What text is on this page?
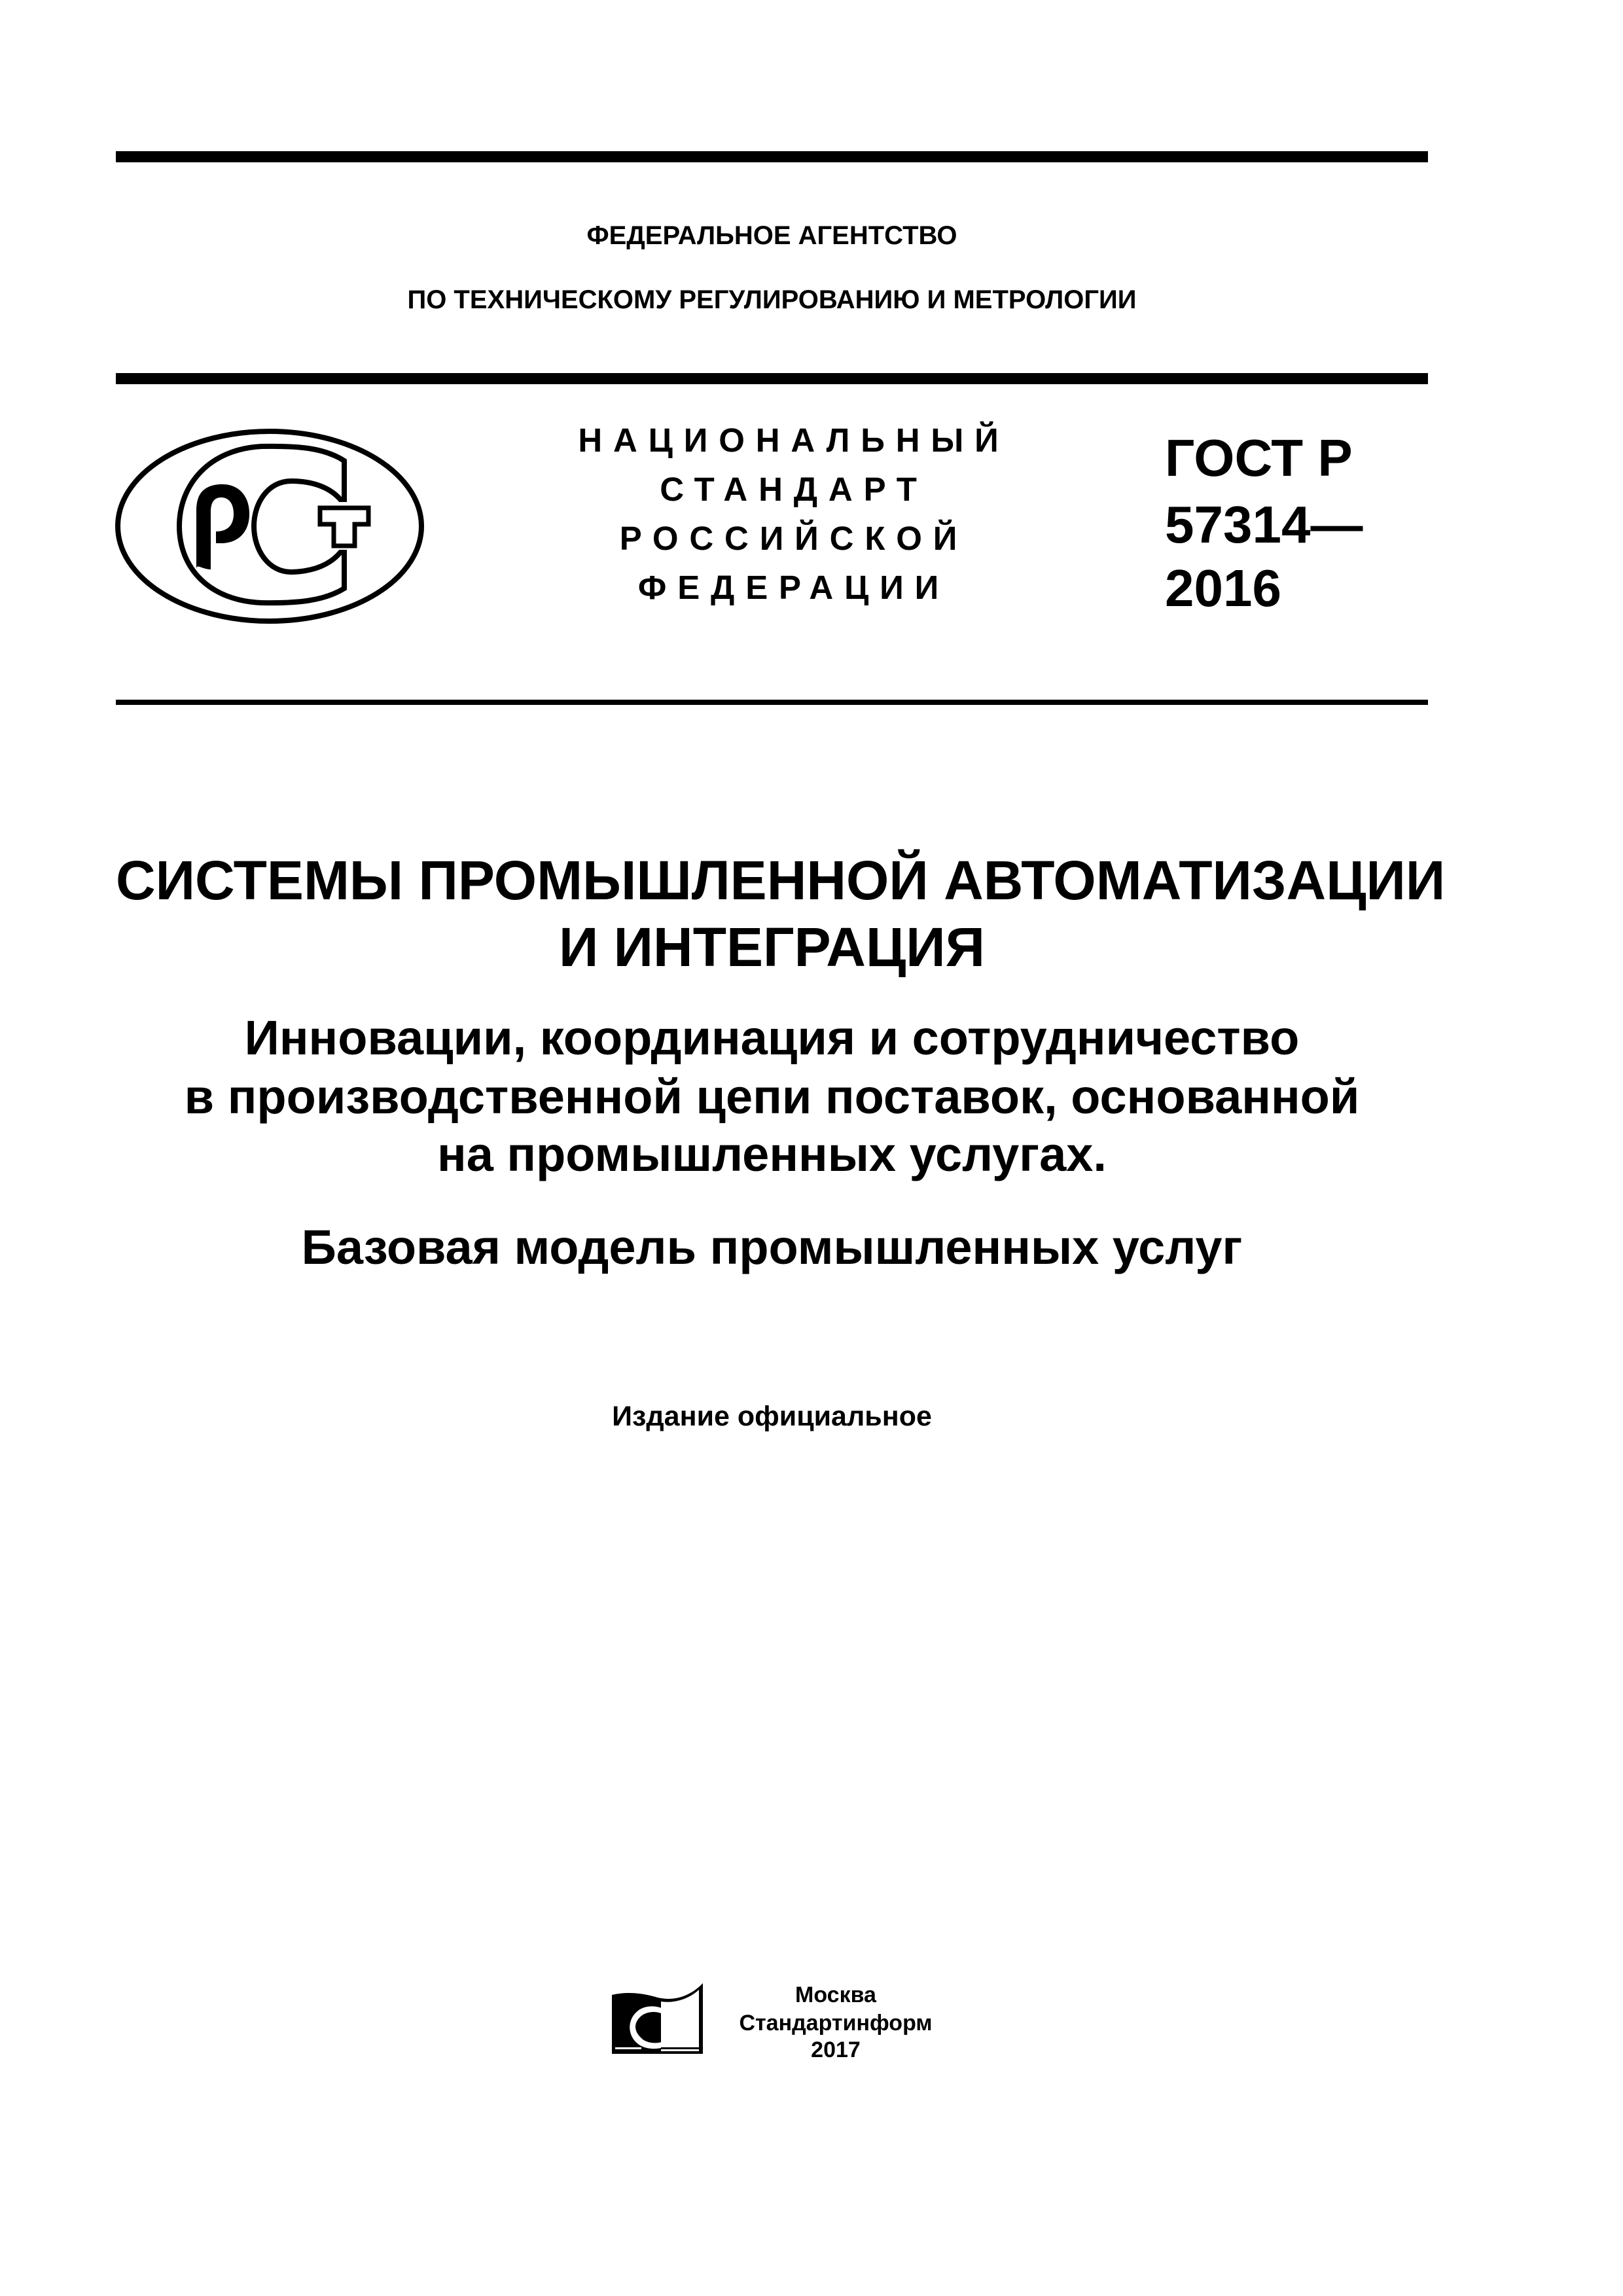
ФЕДЕРАЛЬНОЕ АГЕНТСТВО
ПО ТЕХНИЧЕСКОМУ РЕГУЛИРОВАНИЮ И МЕТРОЛОГИИ
НАЦИОНАЛЬНЫЙ
СТАНДАРТ
РОССИЙСКОЙ
ФЕДЕРАЦИИ
ГОСТ Р
57314—
2016
СИСТЕМЫ ПРОМЫШЛЕННОЙ АВТОМАТИЗАЦИИ
И ИНТЕГРАЦИЯ
Инновации, координация и сотрудничество
в производственной цепи поставок, основанной
на промышленных услугах.
Базовая модель промышленных услуг
Издание официальное
Москва
Стандартинформ
2017
